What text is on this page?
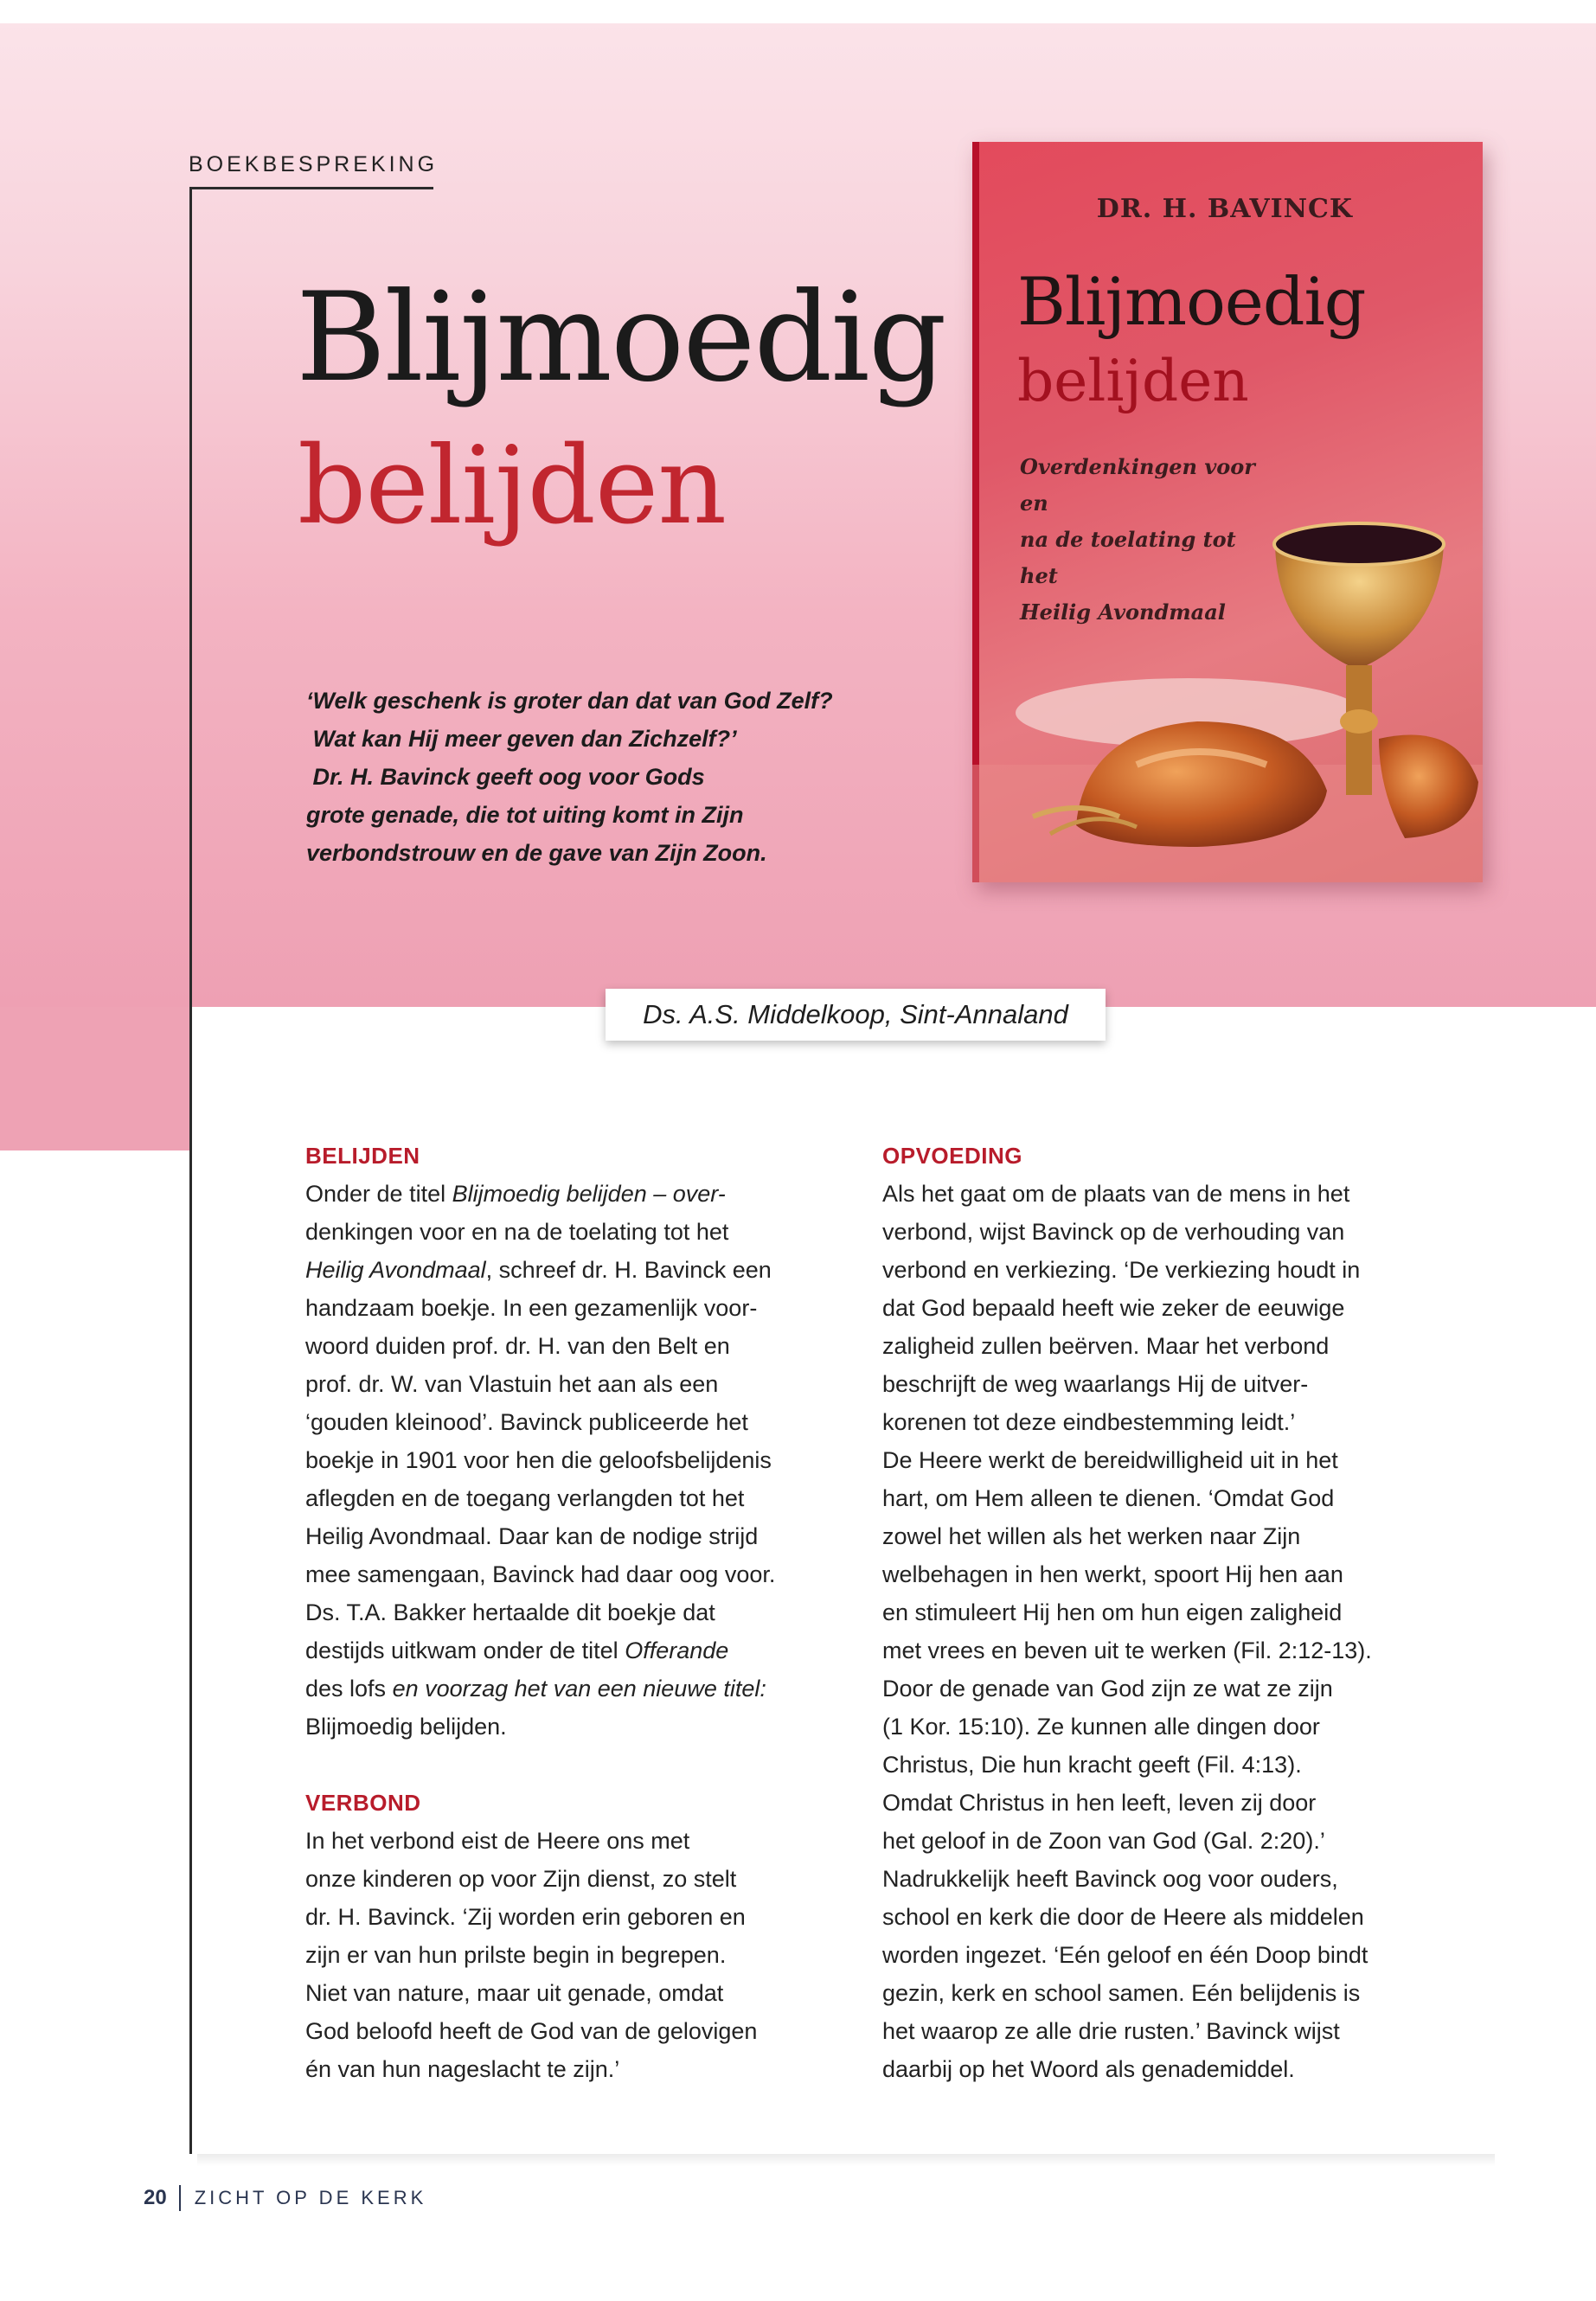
BOEKBESPREKING
Blijmoedig
belijden
‘Welk geschenk is groter dan dat van God Zelf?
Wat kan Hij meer geven dan Zichzelf?’
Dr. H. Bavinck geeft oog voor Gods
grote genade, die tot uiting komt in Zijn
verbondstrouw en de gave van Zijn Zoon.
DR. H. BAVINCK
Blijmoedig
belijden
Overdenkingen voor en
na de toelating tot het
Heilig Avondmaal
Ds. A.S. Middelkoop, Sint-Annaland
BELIJDEN
Onder de titel Blijmoedig belijden – over-
denkingen voor en na de toelating tot het
Heilig Avondmaal, schreef dr. H. Bavinck een
handzaam boekje. In een gezamenlijk voor-
woord duiden prof. dr. H. van den Belt en
prof. dr. W. van Vlastuin het aan als een
‘gouden kleinood’. Bavinck publiceerde het
boekje in 1901 voor hen die geloofsbelijdenis
aflegden en de toegang verlangden tot het
Heilig Avondmaal. Daar kan de nodige strijd
mee samengaan, Bavinck had daar oog voor.
Ds. T.A. Bakker hertaalde dit boekje dat
destijds uitkwam onder de titel Offerande
des lofs en voorzag het van een nieuwe titel:
Blijmoedig belijden.
VERBOND
In het verbond eist de Heere ons met
onze kinderen op voor Zijn dienst, zo stelt
dr. H. Bavinck. ‘Zij worden erin geboren en
zijn er van hun prilste begin in begrepen.
Niet van nature, maar uit genade, omdat
God beloofd heeft de God van de gelovigen
én van hun nageslacht te zijn.’
OPVOEDING
Als het gaat om de plaats van de mens in het
verbond, wijst Bavinck op de verhouding van
verbond en verkiezing. ‘De verkiezing houdt in
dat God bepaald heeft wie zeker de eeuwige
zaligheid zullen beërven. Maar het verbond
beschrijft de weg waarlangs Hij de uitver-
korenen tot deze eindbestemming leidt.’
De Heere werkt de bereidwilligheid uit in het
hart, om Hem alleen te dienen. ‘Omdat God
zowel het willen als het werken naar Zijn
welbehagen in hen werkt, spoort Hij hen aan
en stimuleert Hij hen om hun eigen zaligheid
met vrees en beven uit te werken (Fil. 2:12-13).
Door de genade van God zijn ze wat ze zijn
(1 Kor. 15:10). Ze kunnen alle dingen door
Christus, Die hun kracht geeft (Fil. 4:13).
Omdat Christus in hen leeft, leven zij door
het geloof in de Zoon van God (Gal. 2:20).’
Nadrukkelijk heeft Bavinck oog voor ouders,
school en kerk die door de Heere als middelen
worden ingezet. ‘Eén geloof en één Doop bindt
gezin, kerk en school samen. Eén belijdenis is
het waarop ze alle drie rusten.’ Bavinck wijst
daarbij op het Woord als genademiddel.
20 ZICHT OP DE KERK
